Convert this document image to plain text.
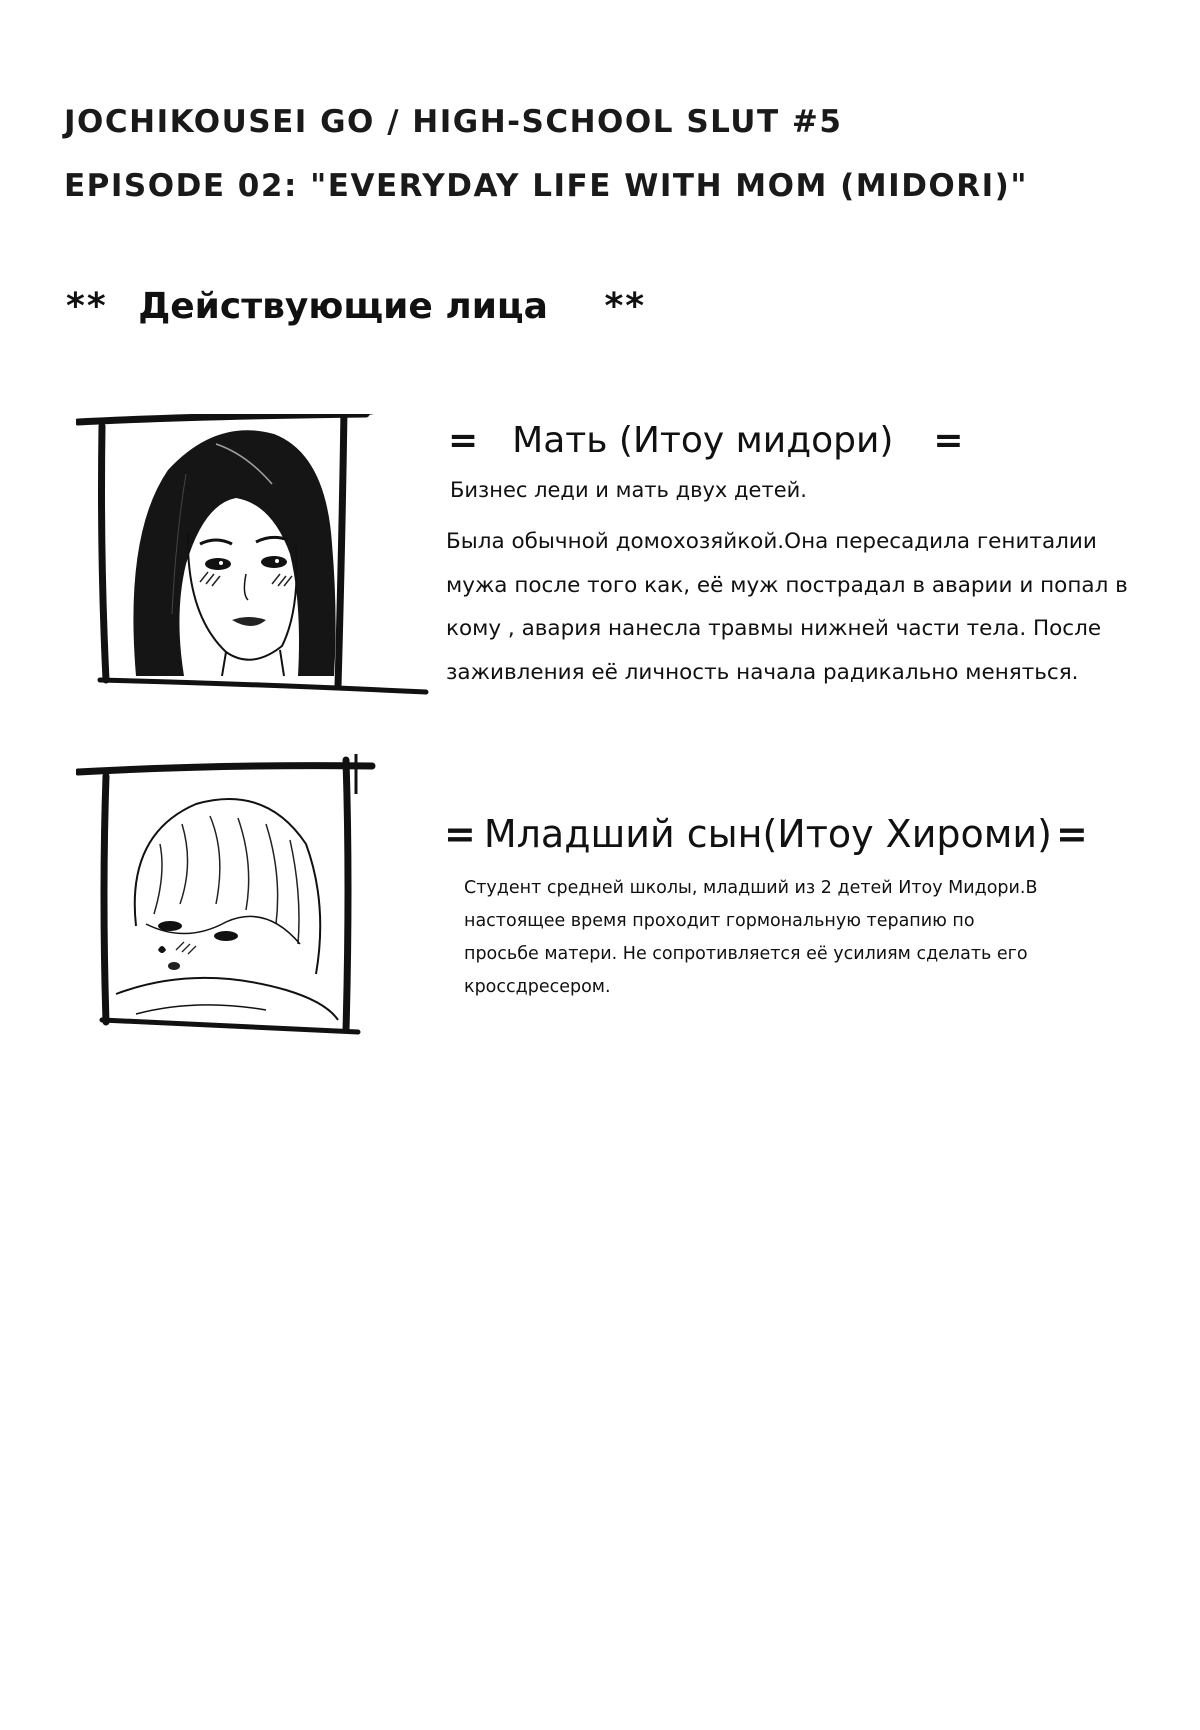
JOCHIKOUSEI GO / HIGH-SCHOOL SLUT #5
EPISODE 02: "EVERYDAY LIFE WITH MOM (MIDORI)"
** Действующие лица **

= Мать (Итоу мидори) =

Бизнес леди и мать двух детей.

Была обычной домохозяйкой.Она пересадила гениталии мужа после того как, её муж пострадал в аварии и попал в кому , авария нанесла травмы нижней части тела. После заживления её личность начала радикально меняться.

= Младший сын(Итоу Хироми) =

Студент средней школы, младший из 2 детей Итоу Мидори.В настоящее время проходит гормональную терапию по просьбе матери. Не сопротивляется её усилиям сделать его кроссдресером.
